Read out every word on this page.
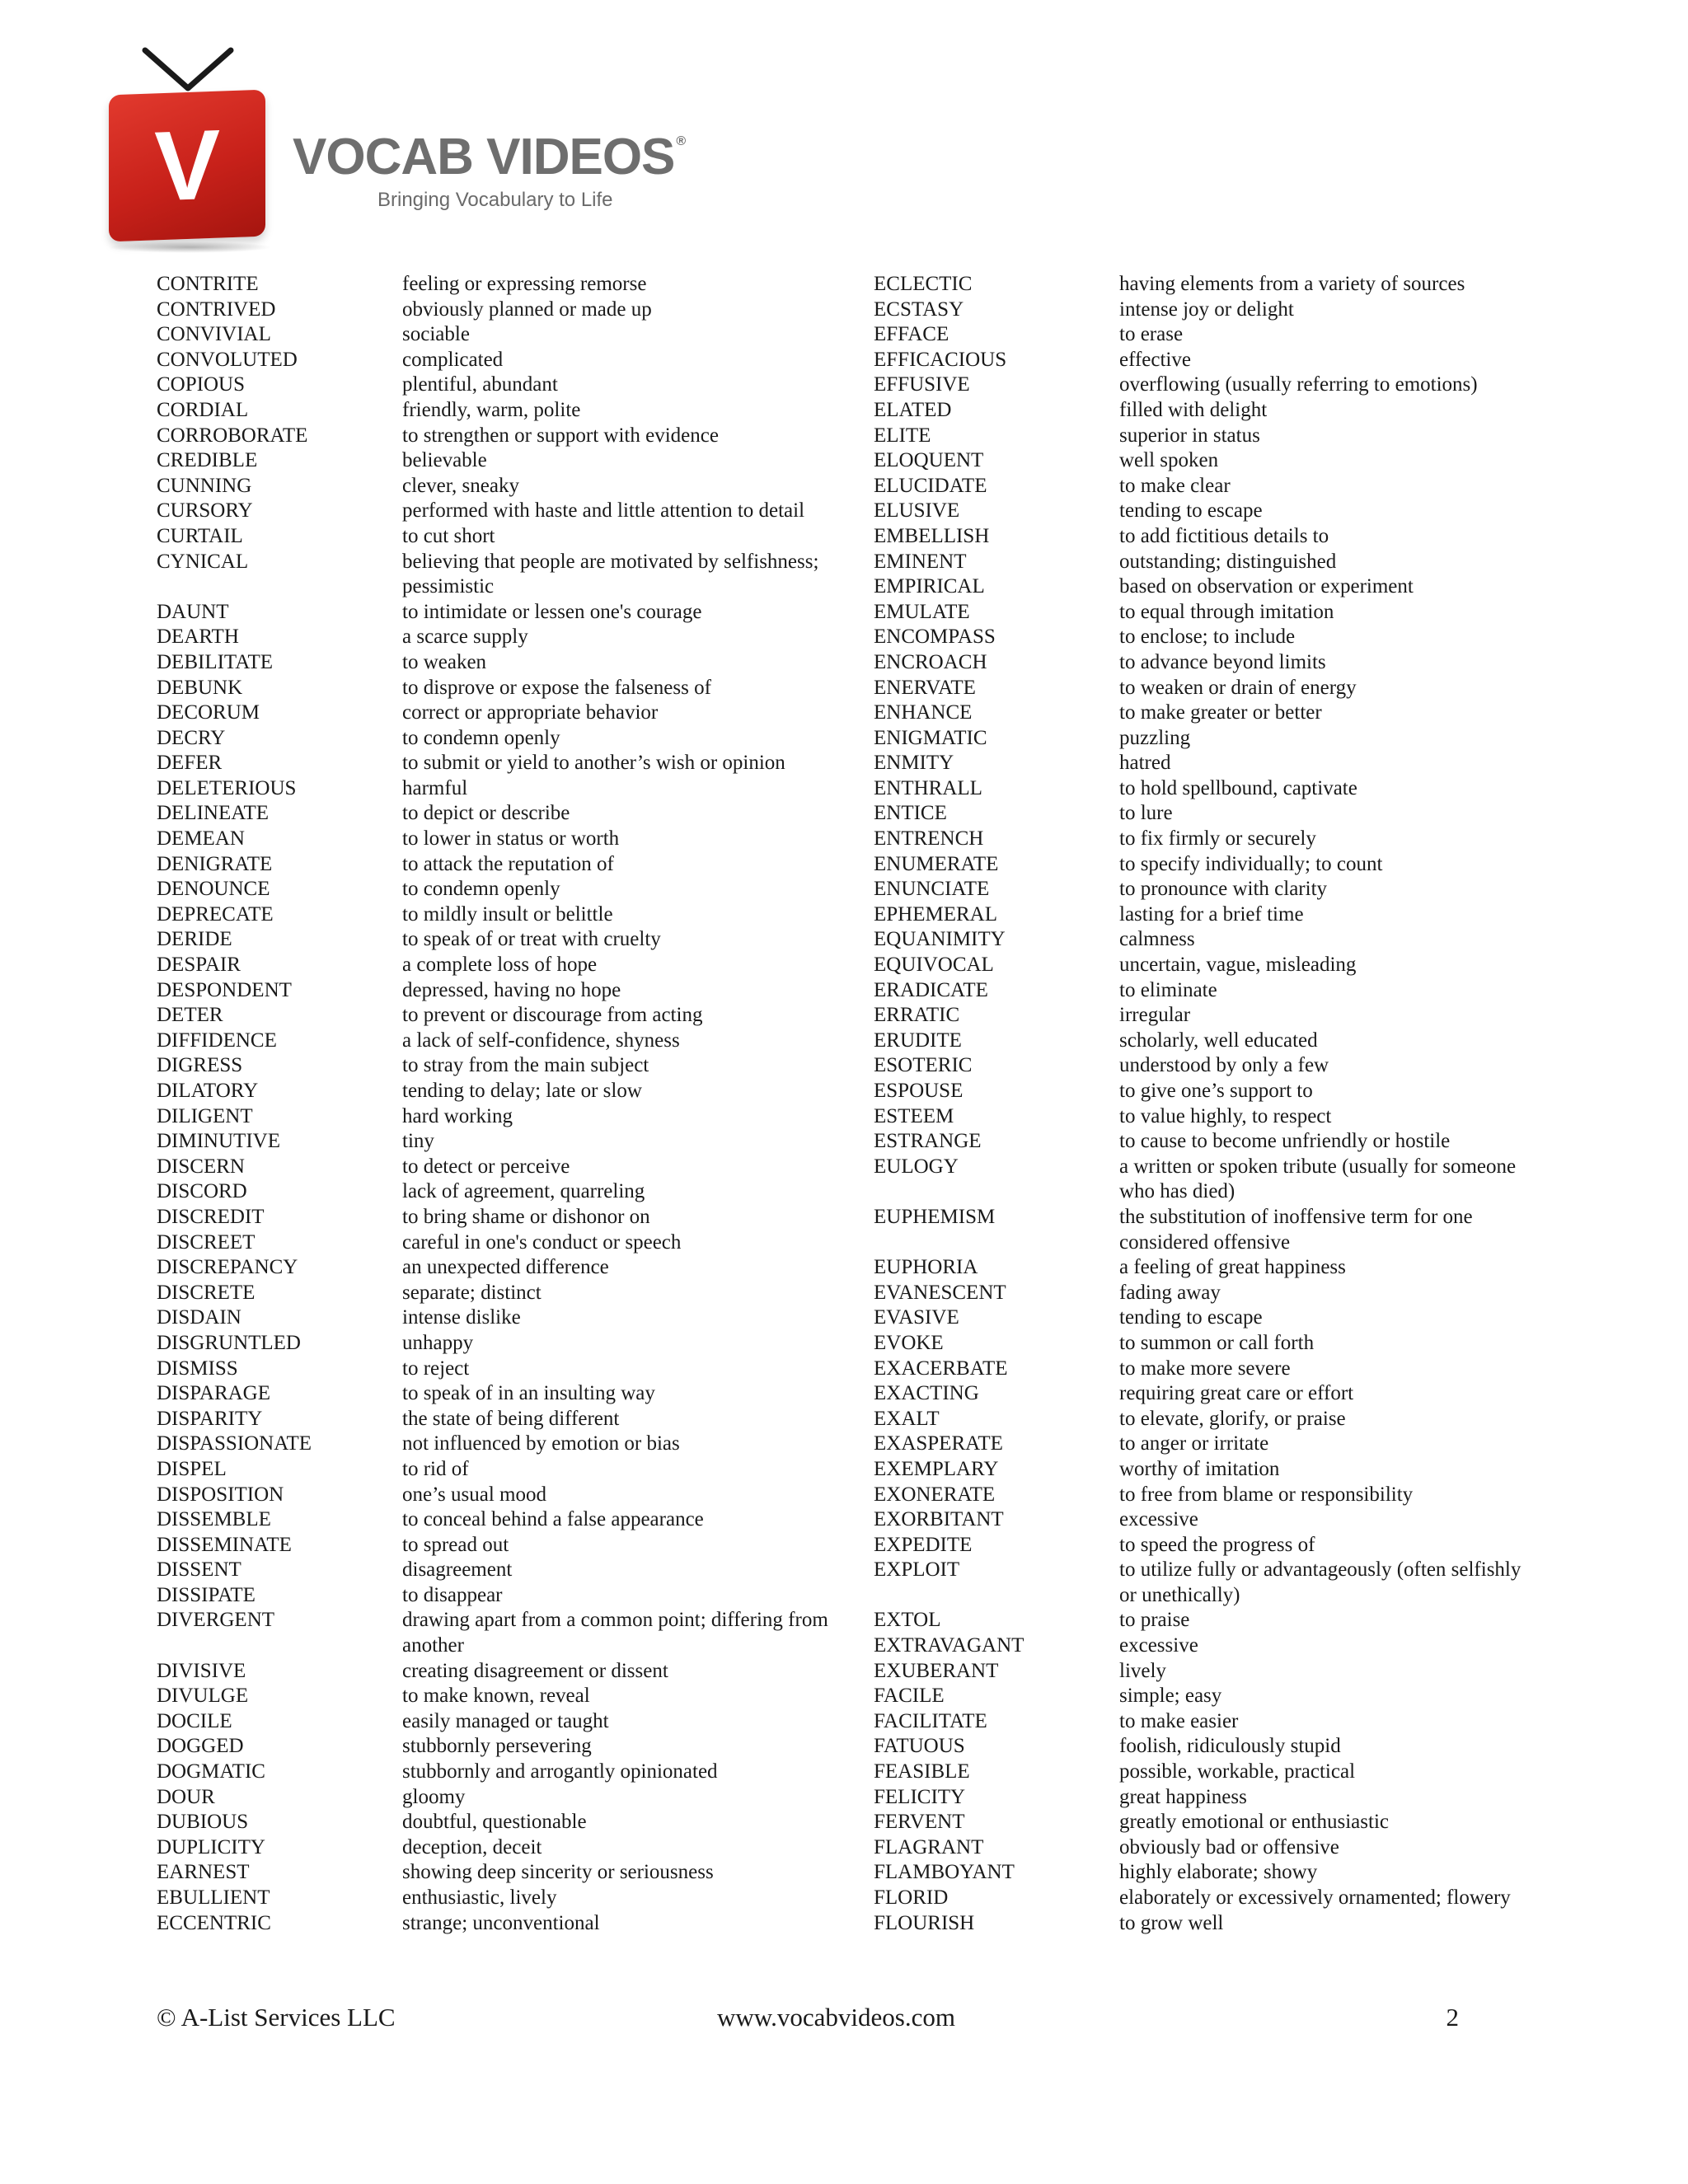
V	VOCAB VIDEOS ®
Bringing Vocabulary to Life
CONTRITE	feeling or expressing remorse
CONTRIVED	obviously planned or made up
CONVIVIAL	sociable
CONVOLUTED	complicated
COPIOUS	plentiful, abundant
CORDIAL	friendly, warm, polite
CORROBORATE	to strengthen or support with evidence
CREDIBLE	believable
CUNNING	clever, sneaky
CURSORY	performed with haste and little attention to detail
CURTAIL	to cut short
CYNICAL	believing that people are motivated by selfishness; pessimistic
DAUNT	to intimidate or lessen one's courage
DEARTH	a scarce supply
DEBILITATE	to weaken
DEBUNK	to disprove or expose the falseness of
DECORUM	correct or appropriate behavior
DECRY	to condemn openly
DEFER	to submit or yield to another’s wish or opinion
DELETERIOUS	harmful
DELINEATE	to depict or describe
DEMEAN	to lower in status or worth
DENIGRATE	to attack the reputation of
DENOUNCE	to condemn openly
DEPRECATE	to mildly insult or belittle
DERIDE	to speak of or treat with cruelty
DESPAIR	a complete loss of hope
DESPONDENT	depressed, having no hope
DETER	to prevent or discourage from acting
DIFFIDENCE	a lack of self-confidence, shyness
DIGRESS	to stray from the main subject
DILATORY	tending to delay; late or slow
DILIGENT	hard working
DIMINUTIVE	tiny
DISCERN	to detect or perceive
DISCORD	lack of agreement, quarreling
DISCREDIT	to bring shame or dishonor on
DISCREET	careful in one's conduct or speech
DISCREPANCY	an unexpected difference
DISCRETE	separate; distinct
DISDAIN	intense dislike
DISGRUNTLED	unhappy
DISMISS	to reject
DISPARAGE	to speak of in an insulting way
DISPARITY	the state of being different
DISPASSIONATE	not influenced by emotion or bias
DISPEL	to rid of
DISPOSITION	one’s usual mood
DISSEMBLE	to conceal behind a false appearance
DISSEMINATE	to spread out
DISSENT	disagreement
DISSIPATE	to disappear
DIVERGENT	drawing apart from a common point; differing from another
DIVISIVE	creating disagreement or dissent
DIVULGE	to make known, reveal
DOCILE	easily managed or taught
DOGGED	stubbornly persevering
DOGMATIC	stubbornly and arrogantly opinionated
DOUR	gloomy
DUBIOUS	doubtful, questionable
DUPLICITY	deception, deceit
EARNEST	showing deep sincerity or seriousness
EBULLIENT	enthusiastic, lively
ECCENTRIC	strange; unconventional
ECLECTIC	having elements from a variety of sources
ECSTASY	intense joy or delight
EFFACE	to erase
EFFICACIOUS	effective
EFFUSIVE	overflowing (usually referring to emotions)
ELATED	filled with delight
ELITE	superior in status
ELOQUENT	well spoken
ELUCIDATE	to make clear
ELUSIVE	tending to escape
EMBELLISH	to add fictitious details to
EMINENT	outstanding; distinguished
EMPIRICAL	based on observation or experiment
EMULATE	to equal through imitation
ENCOMPASS	to enclose; to include
ENCROACH	to advance beyond limits
ENERVATE	to weaken or drain of energy
ENHANCE	to make greater or better
ENIGMATIC	puzzling
ENMITY	hatred
ENTHRALL	to hold spellbound, captivate
ENTICE	to lure
ENTRENCH	to fix firmly or securely
ENUMERATE	to specify individually; to count
ENUNCIATE	to pronounce with clarity
EPHEMERAL	lasting for a brief time
EQUANIMITY	calmness
EQUIVOCAL	uncertain, vague, misleading
ERADICATE	to eliminate
ERRATIC	irregular
ERUDITE	scholarly, well educated
ESOTERIC	understood by only a few
ESPOUSE	to give one’s support to
ESTEEM	to value highly, to respect
ESTRANGE	to cause to become unfriendly or hostile
EULOGY	a written or spoken tribute (usually for someone who has died)
EUPHEMISM	the substitution of inoffensive term for one considered offensive
EUPHORIA	a feeling of great happiness
EVANESCENT	fading away
EVASIVE	tending to escape
EVOKE	to summon or call forth
EXACERBATE	to make more severe
EXACTING	requiring great care or effort
EXALT	to elevate, glorify, or praise
EXASPERATE	to anger or irritate
EXEMPLARY	worthy of imitation
EXONERATE	to free from blame or responsibility
EXORBITANT	excessive
EXPEDITE	to speed the progress of
EXPLOIT	to utilize fully or advantageously (often selfishly or unethically)
EXTOL	to praise
EXTRAVAGANT	excessive
EXUBERANT	lively
FACILE	simple; easy
FACILITATE	to make easier
FATUOUS	foolish, ridiculously stupid
FEASIBLE	possible, workable, practical
FELICITY	great happiness
FERVENT	greatly emotional or enthusiastic
FLAGRANT	obviously bad or offensive
FLAMBOYANT	highly elaborate; showy
FLORID	elaborately or excessively ornamented; flowery
FLOURISH	to grow well
© A-List Services LLC	www.vocabvideos.com	2
